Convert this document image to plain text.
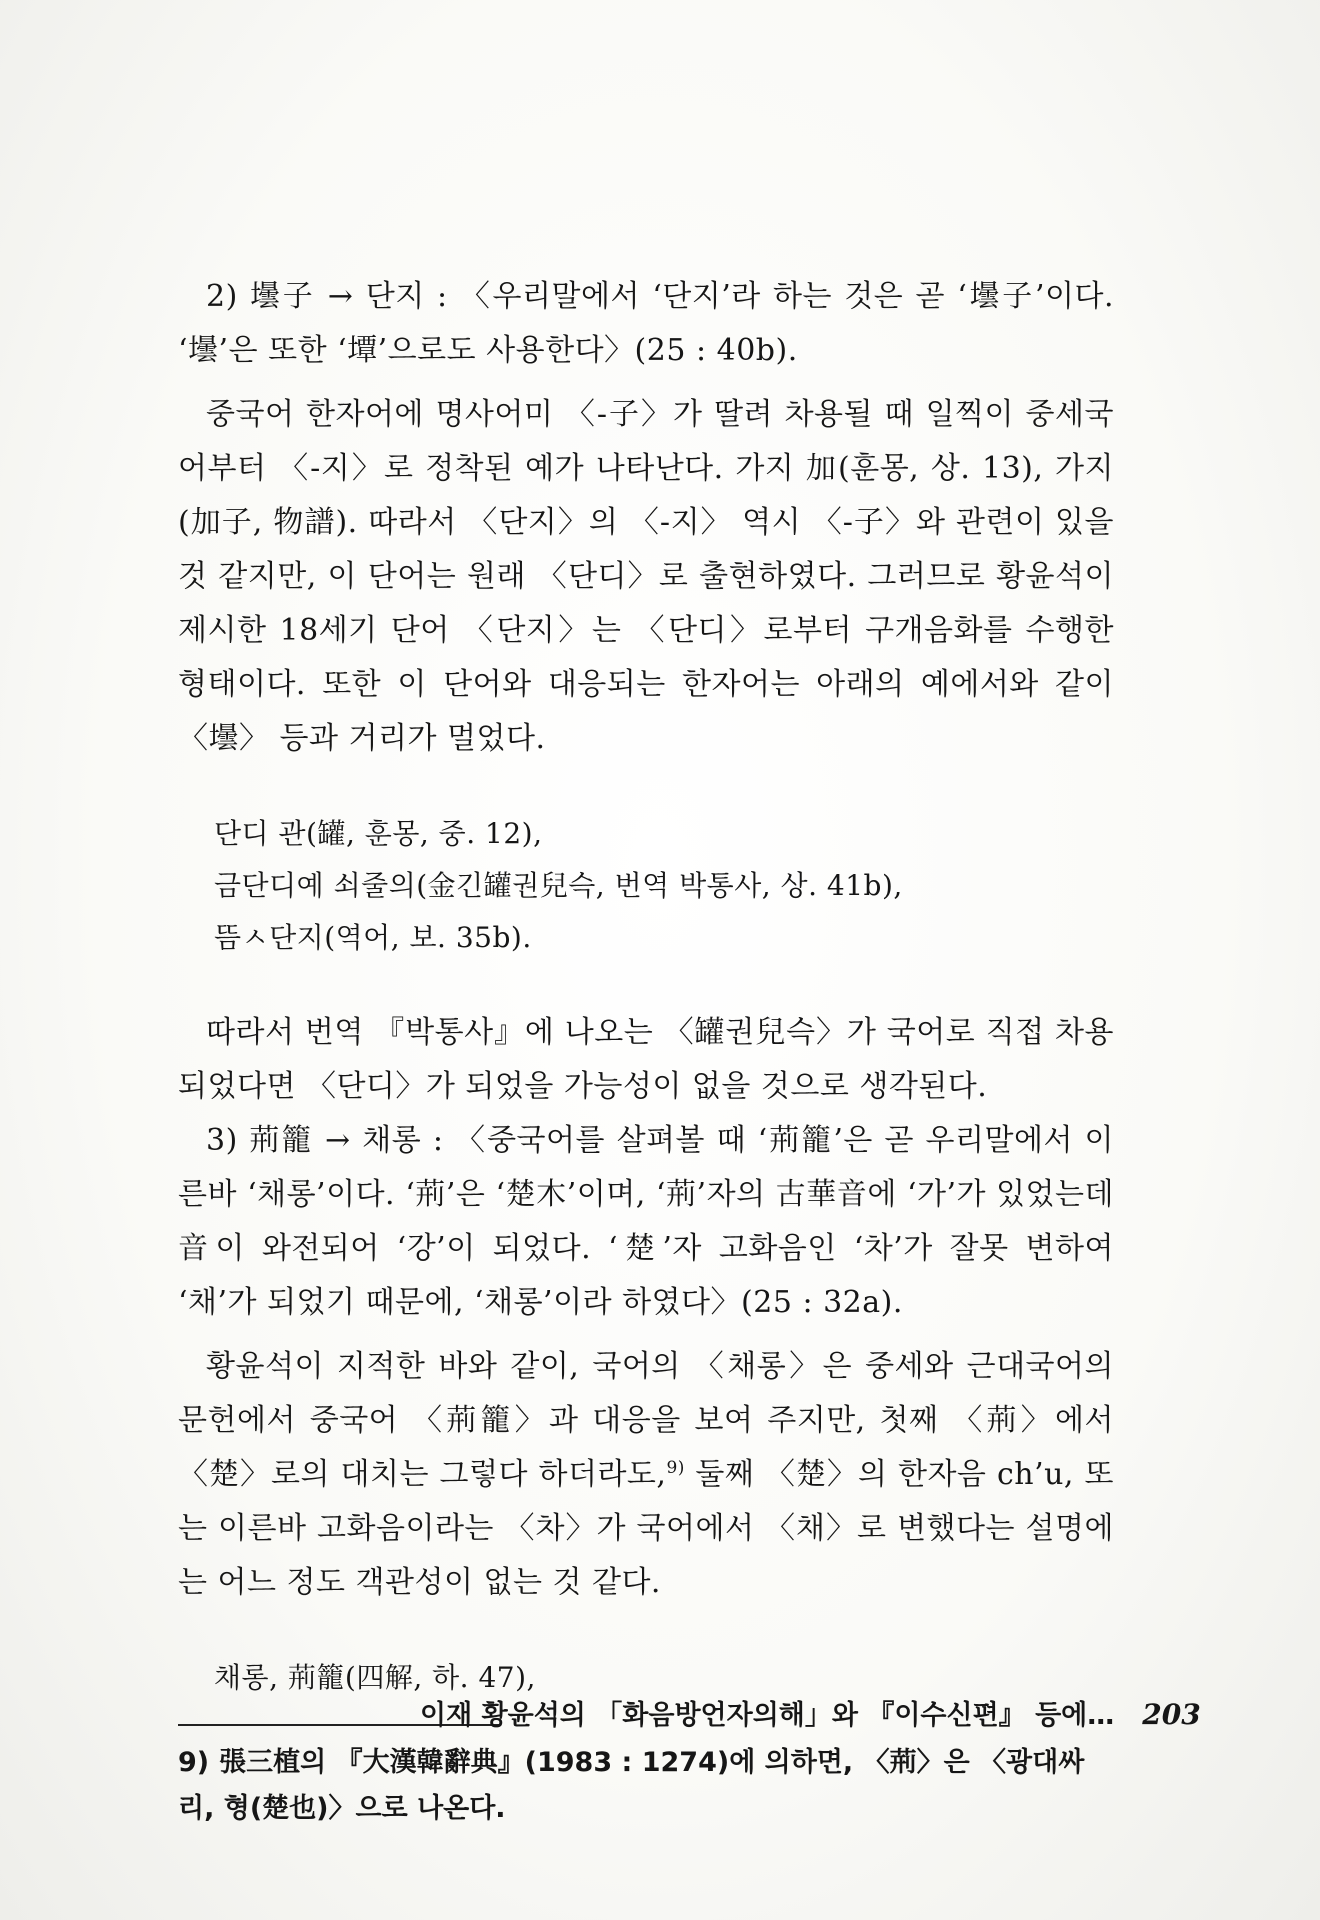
2) 壜子 → 단지 : 〈우리말에서 ‘단지’라 하는 것은 곧 ‘壜子’이다. ‘壜’은 또한 ‘墰’으로도 사용한다〉(25 : 40b).

중국어 한자어에 명사어미 〈-子〉가 딸려 차용될 때 일찍이 중세국어부터 〈-지〉로 정착된 예가 나타난다. 가지 加(훈몽, 상. 13), 가지(加子, 物譜). 따라서 〈단지〉의 〈-지〉 역시 〈-子〉와 관련이 있을 것 같지만, 이 단어는 원래 〈단디〉로 출현하였다. 그러므로 황윤석이 제시한 18세기 단어 〈단지〉는 〈단디〉로부터 구개음화를 수행한 형태이다. 또한 이 단어와 대응되는 한자어는 아래의 예에서와 같이 〈壜〉 등과 거리가 멀었다.

단디 관(罐, 훈몽, 중. 12),

금단디예 쇠줄의(金긴罐권兒슥, 번역 박통사, 상. 41b),

뜸ㅅ단지(역어, 보. 35b).

따라서 번역 『박통사』에 나오는 〈罐권兒슥〉가 국어로 직접 차용되었다면 〈단디〉가 되었을 가능성이 없을 것으로 생각된다.

3) 荊籠 → 채롱 : 〈중국어를 살펴볼 때 ‘荊籠’은 곧 우리말에서 이른바 ‘채롱’이다. ‘荊’은 ‘楚木’이며, ‘荊’자의 古華音에 ‘가’가 있었는데 音이 와전되어 ‘강’이 되었다. ‘楚’자 고화음인 ‘차’가 잘못 변하여 ‘채’가 되었기 때문에, ‘채롱’이라 하였다〉(25 : 32a).

황윤석이 지적한 바와 같이, 국어의 〈채롱〉은 중세와 근대국어의 문헌에서 중국어 〈荊籠〉과 대응을 보여 주지만, 첫째 〈荊〉에서 〈楚〉로의 대치는 그렇다 하더라도,$^{9)}$ 둘째 〈楚〉의 한자음 ch’u, 또는 이른바 고화음이라는 〈차〉가 국어에서 〈채〉로 변했다는 설명에는 어느 정도 객관성이 없는 것 같다.

채롱, 荊籠(四解, 하. 47),

9) 張三植의 『大漢韓辭典』(1983 : 1274)에 의하면, 〈荊〉은 〈광대싸리, 형(楚也)〉으로 나온다.

이재 황윤석의 「화음방언자의해」와 『이수신편』 등에… 203
